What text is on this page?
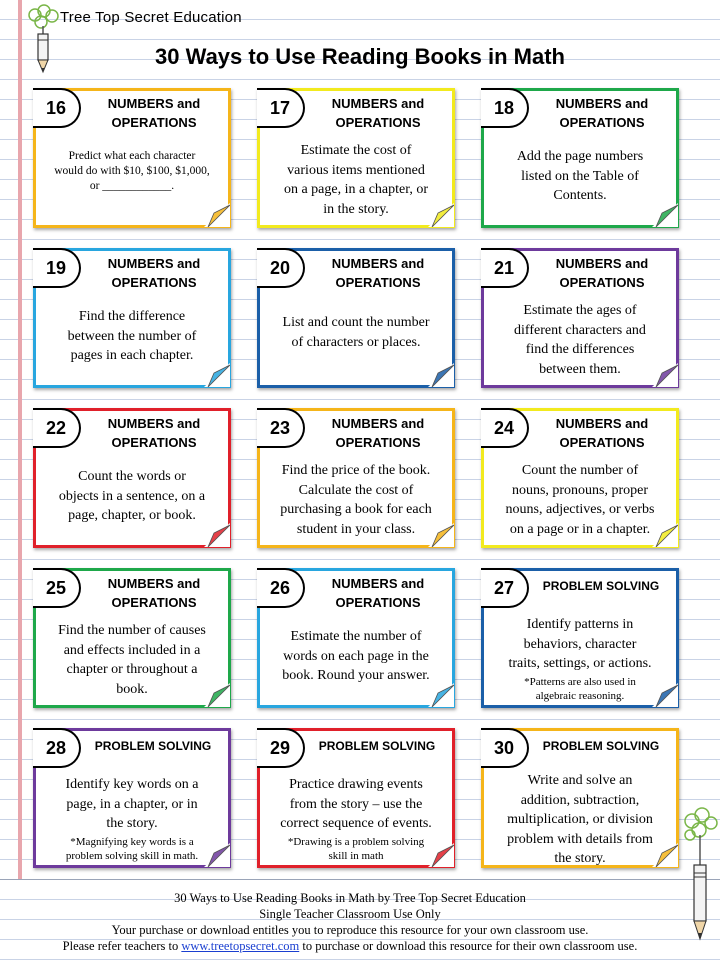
Tree Top Secret Education
30 Ways to Use Reading Books in Math
16	NUMBERS and
OPERATIONS
Predict what each character
would do with $10, $100, $1,000,
or ____________.
17	NUMBERS and
OPERATIONS
Estimate the cost of
various items mentioned
on a page, in a chapter, or
in the story.
18	NUMBERS and
OPERATIONS
Add the page numbers
listed on the Table of
Contents.
19	NUMBERS and
OPERATIONS
Find the difference
between the number of
pages in each chapter.
20	NUMBERS and
OPERATIONS
List and count the number
of characters or places.
21	NUMBERS and
OPERATIONS
Estimate the ages of
different characters and
find the differences
between them.
22	NUMBERS and
OPERATIONS
Count the words or
objects in a sentence, on a
page, chapter, or book.
23	NUMBERS and
OPERATIONS
Find the price of the book.
Calculate the cost of
purchasing a book for each
student in your class.
24	NUMBERS and
OPERATIONS
Count the number of
nouns, pronouns, proper
nouns, adjectives, or verbs
on a page or in a chapter.
25	NUMBERS and
OPERATIONS
Find the number of causes
and effects included in a
chapter or throughout a
book.
26	NUMBERS and
OPERATIONS
Estimate the number of
words on each page in the
book. Round your answer.
27	PROBLEM SOLVING
Identify patterns in
behaviors, character
traits, settings, or actions.
*Patterns are also used in
algebraic reasoning.
28	PROBLEM SOLVING
Identify key words on a
page, in a chapter, or in
the story.
*Magnifying key words is a
problem solving skill in math.
29	PROBLEM SOLVING
Practice drawing events
from the story – use the
correct sequence of events.
*Drawing is a problem solving
skill in math
30	PROBLEM SOLVING
Write and solve an
addition, subtraction,
multiplication, or division
problem with details from
the story.
30 Ways to Use Reading Books in Math by Tree Top Secret Education
Single Teacher Classroom Use Only
Your purchase or download entitles you to reproduce this resource for your own classroom use.
Please refer teachers to www.treetopsecret.com to purchase or download this resource for their own classroom use.
